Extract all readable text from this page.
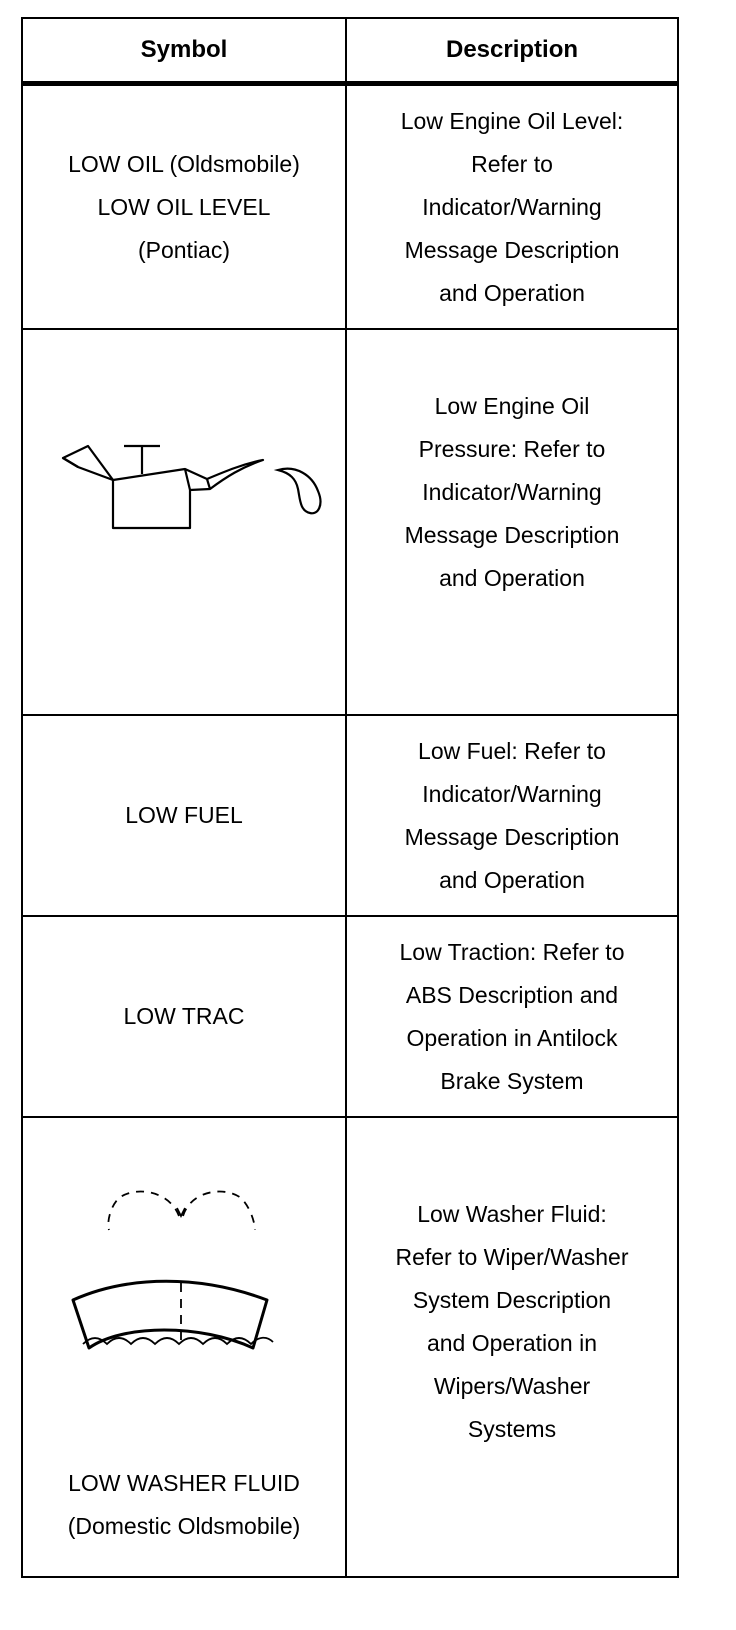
Symbol	Description
LOW OIL (Oldsmobile)
LOW OIL LEVEL
(Pontiac)
Low Engine Oil Level:
Refer to
Indicator/Warning
Message Description
and Operation
Low Engine Oil
Pressure: Refer to
Indicator/Warning
Message Description
and Operation
LOW FUEL
Low Fuel: Refer to
Indicator/Warning
Message Description
and Operation
LOW TRAC
Low Traction: Refer to
ABS Description and
Operation in Antilock
Brake System
LOW WASHER FLUID
(Domestic Oldsmobile)
Low Washer Fluid:
Refer to Wiper/Washer
System Description
and Operation in
Wipers/Washer
Systems
